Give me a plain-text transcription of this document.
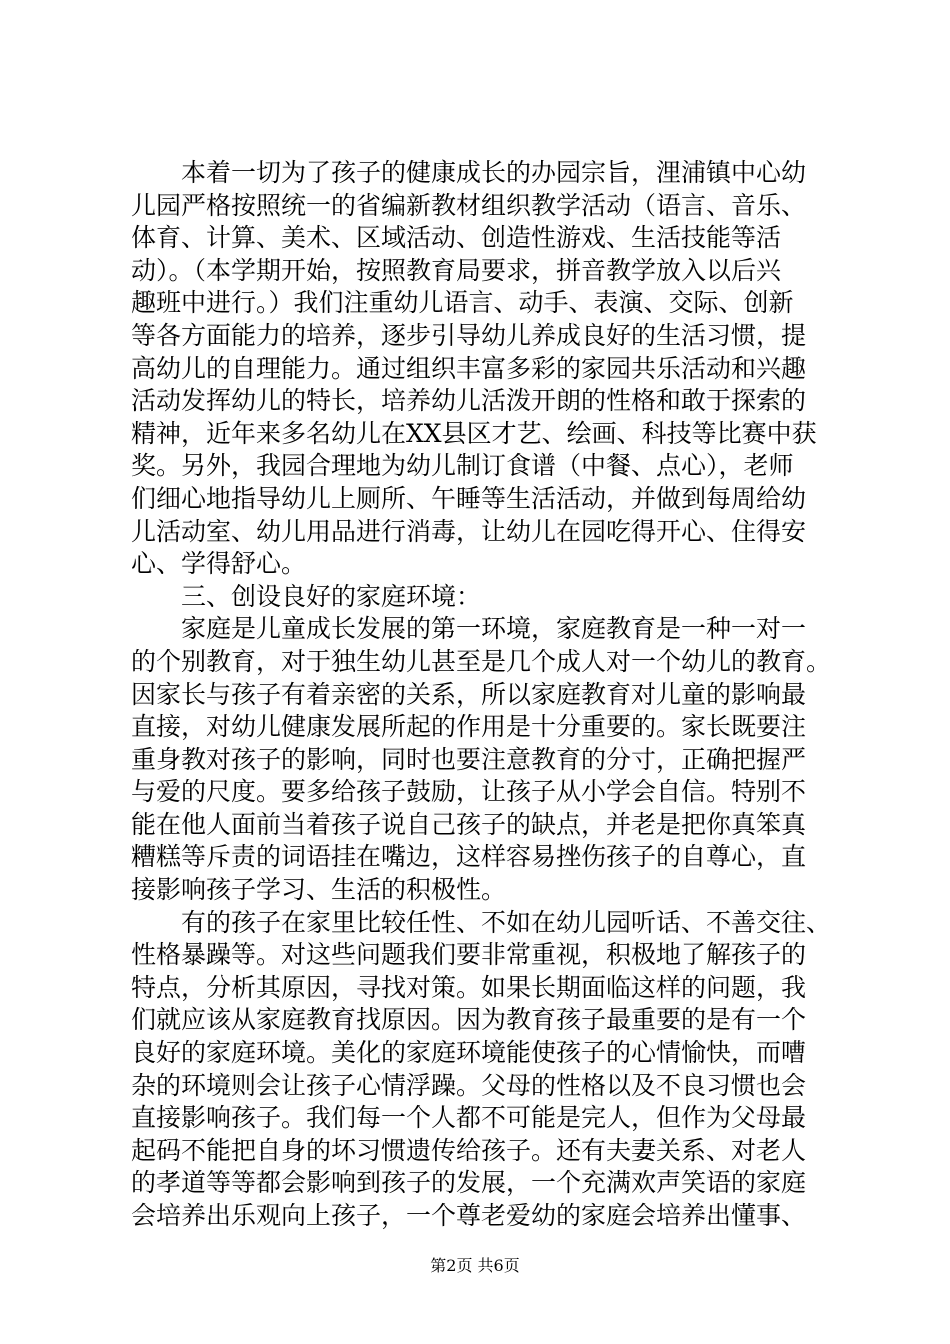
　　本着一切为了孩子的健康成长的办园宗旨，浬浦镇中心幼
儿园严格按照统一的省编新教材组织教学活动（语言、音乐、
体育、计算、美术、区域活动、创造性游戏、生活技能等活
动）。（本学期开始，按照教育局要求，拼音教学放入以后兴
趣班中进行。）我们注重幼儿语言、动手、表演、交际、创新
等各方面能力的培养，逐步引导幼儿养成良好的生活习惯，提
高幼儿的自理能力。通过组织丰富多彩的家园共乐活动和兴趣
活动发挥幼儿的特长，培养幼儿活泼开朗的性格和敢于探索的
精神，近年来多名幼儿在XX县区才艺、绘画、科技等比赛中获
奖。另外，我园合理地为幼儿制订食谱（中餐、点心），老师
们细心地指导幼儿上厕所、午睡等生活活动，并做到每周给幼
儿活动室、幼儿用品进行消毒，让幼儿在园吃得开心、住得安
心、学得舒心。
　　三、创设良好的家庭环境：
　　家庭是儿童成长发展的第一环境，家庭教育是一种一对一
的个别教育，对于独生幼儿甚至是几个成人对一个幼儿的教育。
因家长与孩子有着亲密的关系，所以家庭教育对儿童的影响最
直接，对幼儿健康发展所起的作用是十分重要的。家长既要注
重身教对孩子的影响，同时也要注意教育的分寸，正确把握严
与爱的尺度。要多给孩子鼓励，让孩子从小学会自信。特别不
能在他人面前当着孩子说自己孩子的缺点，并老是把你真笨真
糟糕等斥责的词语挂在嘴边，这样容易挫伤孩子的自尊心，直
接影响孩子学习、生活的积极性。
　　有的孩子在家里比较任性、不如在幼儿园听话、不善交往、
性格暴躁等。对这些问题我们要非常重视，积极地了解孩子的
特点，分析其原因，寻找对策。如果长期面临这样的问题，我
们就应该从家庭教育找原因。因为教育孩子最重要的是有一个
良好的家庭环境。美化的家庭环境能使孩子的心情愉快，而嘈
杂的环境则会让孩子心情浮躁。父母的性格以及不良习惯也会
直接影响孩子。我们每一个人都不可能是完人，但作为父母最
起码不能把自身的坏习惯遗传给孩子。还有夫妻关系、对老人
的孝道等等都会影响到孩子的发展，一个充满欢声笑语的家庭
会培养出乐观向上孩子，一个尊老爱幼的家庭会培养出懂事、
第2页 共6页
